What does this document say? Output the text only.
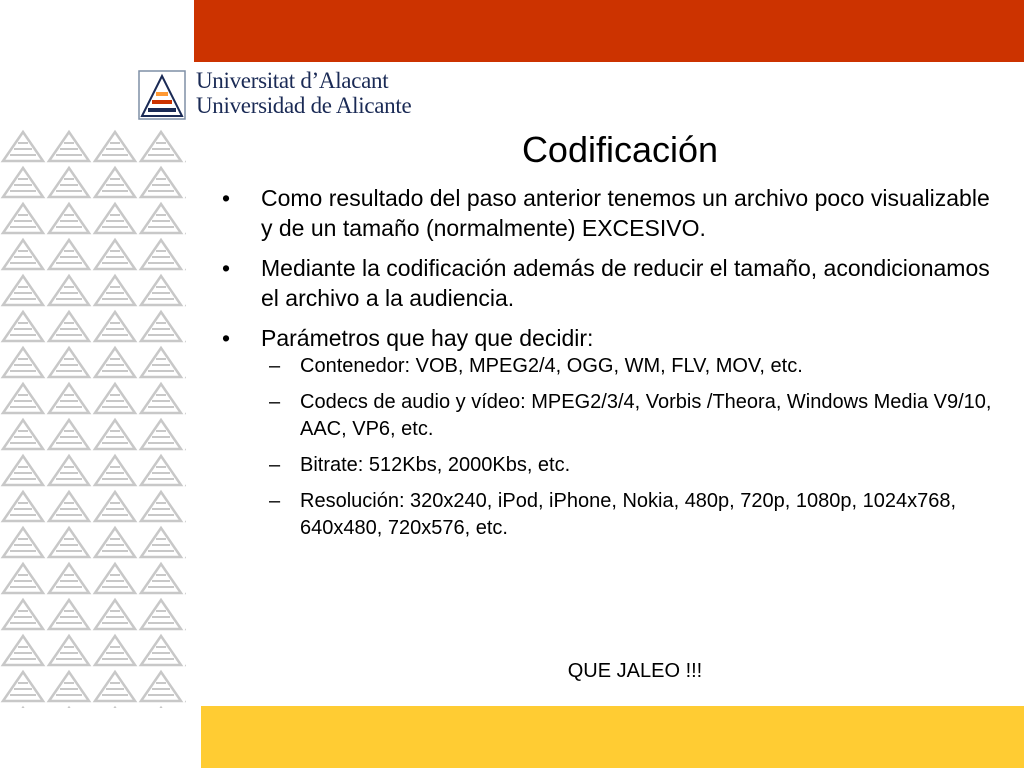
Universitat d’Alacant
Universidad de Alicante
Codificación
• Como resultado del paso anterior tenemos un archivo poco visualizable y de un tamaño (normalmente) EXCESIVO.
• Mediante la codificación además de reducir el tamaño, acondicionamos el archivo a la audiencia.
• Parámetros que hay que decidir:
– Contenedor: VOB, MPEG2/4, OGG, WM, FLV, MOV, etc.
– Codecs de audio y vídeo: MPEG2/3/4, Vorbis /Theora, Windows Media V9/10, AAC, VP6, etc.
– Bitrate: 512Kbs, 2000Kbs, etc.
– Resolución: 320x240, iPod, iPhone, Nokia, 480p, 720p, 1080p, 1024x768, 640x480, 720x576, etc.
QUE JALEO !!!
